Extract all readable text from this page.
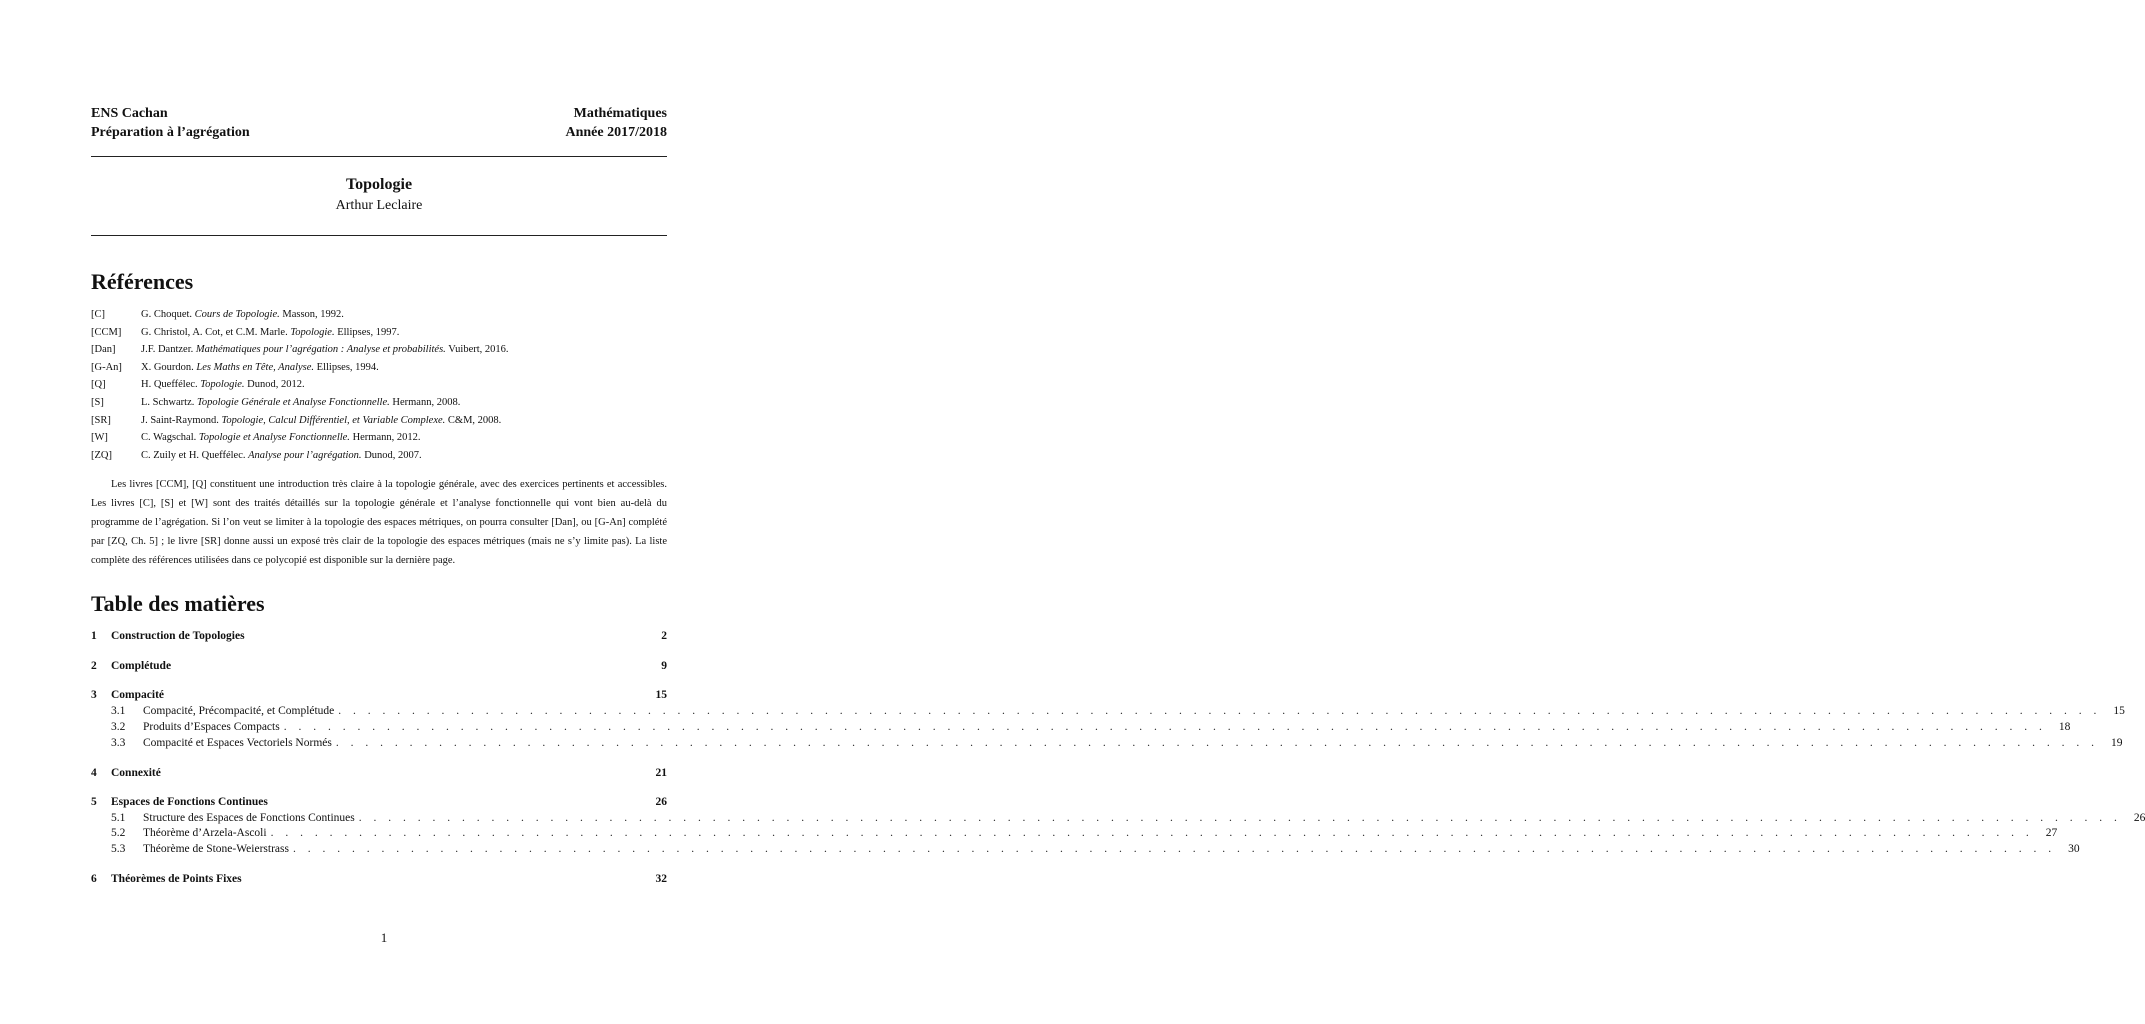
ENS Cachan
Préparation à l’agrégation
Mathématiques
Année 2017/2018
Topologie
Arthur Leclaire
Références
[C]	G. Choquet. Cours de Topologie. Masson, 1992.
[CCM]	G. Christol, A. Cot, et C.M. Marle. Topologie. Ellipses, 1997.
[Dan]	J.F. Dantzer. Mathématiques pour l’agrégation : Analyse et probabilités. Vuibert, 2016.
[G-An]	X. Gourdon. Les Maths en Tête, Analyse. Ellipses, 1994.
[Q]	H. Queffélec. Topologie. Dunod, 2012.
[S]	L. Schwartz. Topologie Générale et Analyse Fonctionnelle. Hermann, 2008.
[SR]	J. Saint-Raymond. Topologie, Calcul Différentiel, et Variable Complexe. C&M, 2008.
[W]	C. Wagschal. Topologie et Analyse Fonctionnelle. Hermann, 2012.
[ZQ]	C. Zuily et H. Queffélec. Analyse pour l’agrégation. Dunod, 2007.
Les livres [CCM], [Q] constituent une introduction très claire à la topologie générale, avec des exercices pertinents et accessibles. Les livres [C], [S] et [W] sont des traités détaillés sur la topologie générale et l’analyse fonctionnelle qui vont bien au-delà du programme de l’agrégation. Si l’on veut se limiter à la topologie des espaces métriques, on pourra consulter [Dan], ou [G-An] complété par [ZQ, Ch. 5] ; le livre [SR] donne aussi un exposé très clair de la topologie des espaces métriques (mais ne s’y limite pas). La liste complète des références utilisées dans ce polycopié est disponible sur la dernière page.
Table des matières
1	Construction de Topologies	2
2	Complétude	9
3	Compacité	15
3.1	Compacité, Précompacité, et Complétude . . . . . . . . . . . . . . . . . . . . . . . . . . . . . . . . . . . . . . . . . . . . . . . . . . . . . . . . . . . . . . . . . . . . . . . . . . . . . . . . . . . . . . . . . . . . . . . . . . . . . . . . . . . . . . . . . . . . . . . .	15
3.2	Produits d’Espaces Compacts . . . . . . . . . . . . . . . . . . . . . . . . . . . . . . . . . . . . . . . . . . . . . . . . . . . . . . . . . . . . . . . . . . . . . . . . . . . . . . . . . . . . . . . . . . . . . . . . . . . . . . . . . . . . . . . . . . . . . . . .	18
3.3	Compacité et Espaces Vectoriels Normés . . . . . . . . . . . . . . . . . . . . . . . . . . . . . . . . . . . . . . . . . . . . . . . . . . . . . . . . . . . . . . . . . . . . . . . . . . . . . . . . . . . . . . . . . . . . . . . . . . . . . . . . . . . . . . . . . . . . . . . .	19
4	Connexité	21
5	Espaces de Fonctions Continues	26
5.1	Structure des Espaces de Fonctions Continues . . . . . . . . . . . . . . . . . . . . . . . . . . . . . . . . . . . . . . . . . . . . . . . . . . . . . . . . . . . . . . . . . . . . . . . . . . . . . . . . . . . . . . . . . . . . . . . . . . . . . . . . . . . . . . . . . . . . . . . .	26
5.2	Théorème d’Arzela-Ascoli . . . . . . . . . . . . . . . . . . . . . . . . . . . . . . . . . . . . . . . . . . . . . . . . . . . . . . . . . . . . . . . . . . . . . . . . . . . . . . . . . . . . . . . . . . . . . . . . . . . . . . . . . . . . . . . . . . . . . . . .	27
5.3	Théorème de Stone-Weierstrass . . . . . . . . . . . . . . . . . . . . . . . . . . . . . . . . . . . . . . . . . . . . . . . . . . . . . . . . . . . . . . . . . . . . . . . . . . . . . . . . . . . . . . . . . . . . . . . . . . . . . . . . . . . . . . . . . . . . . . . .	30
6	Théorèmes de Points Fixes	32
1
